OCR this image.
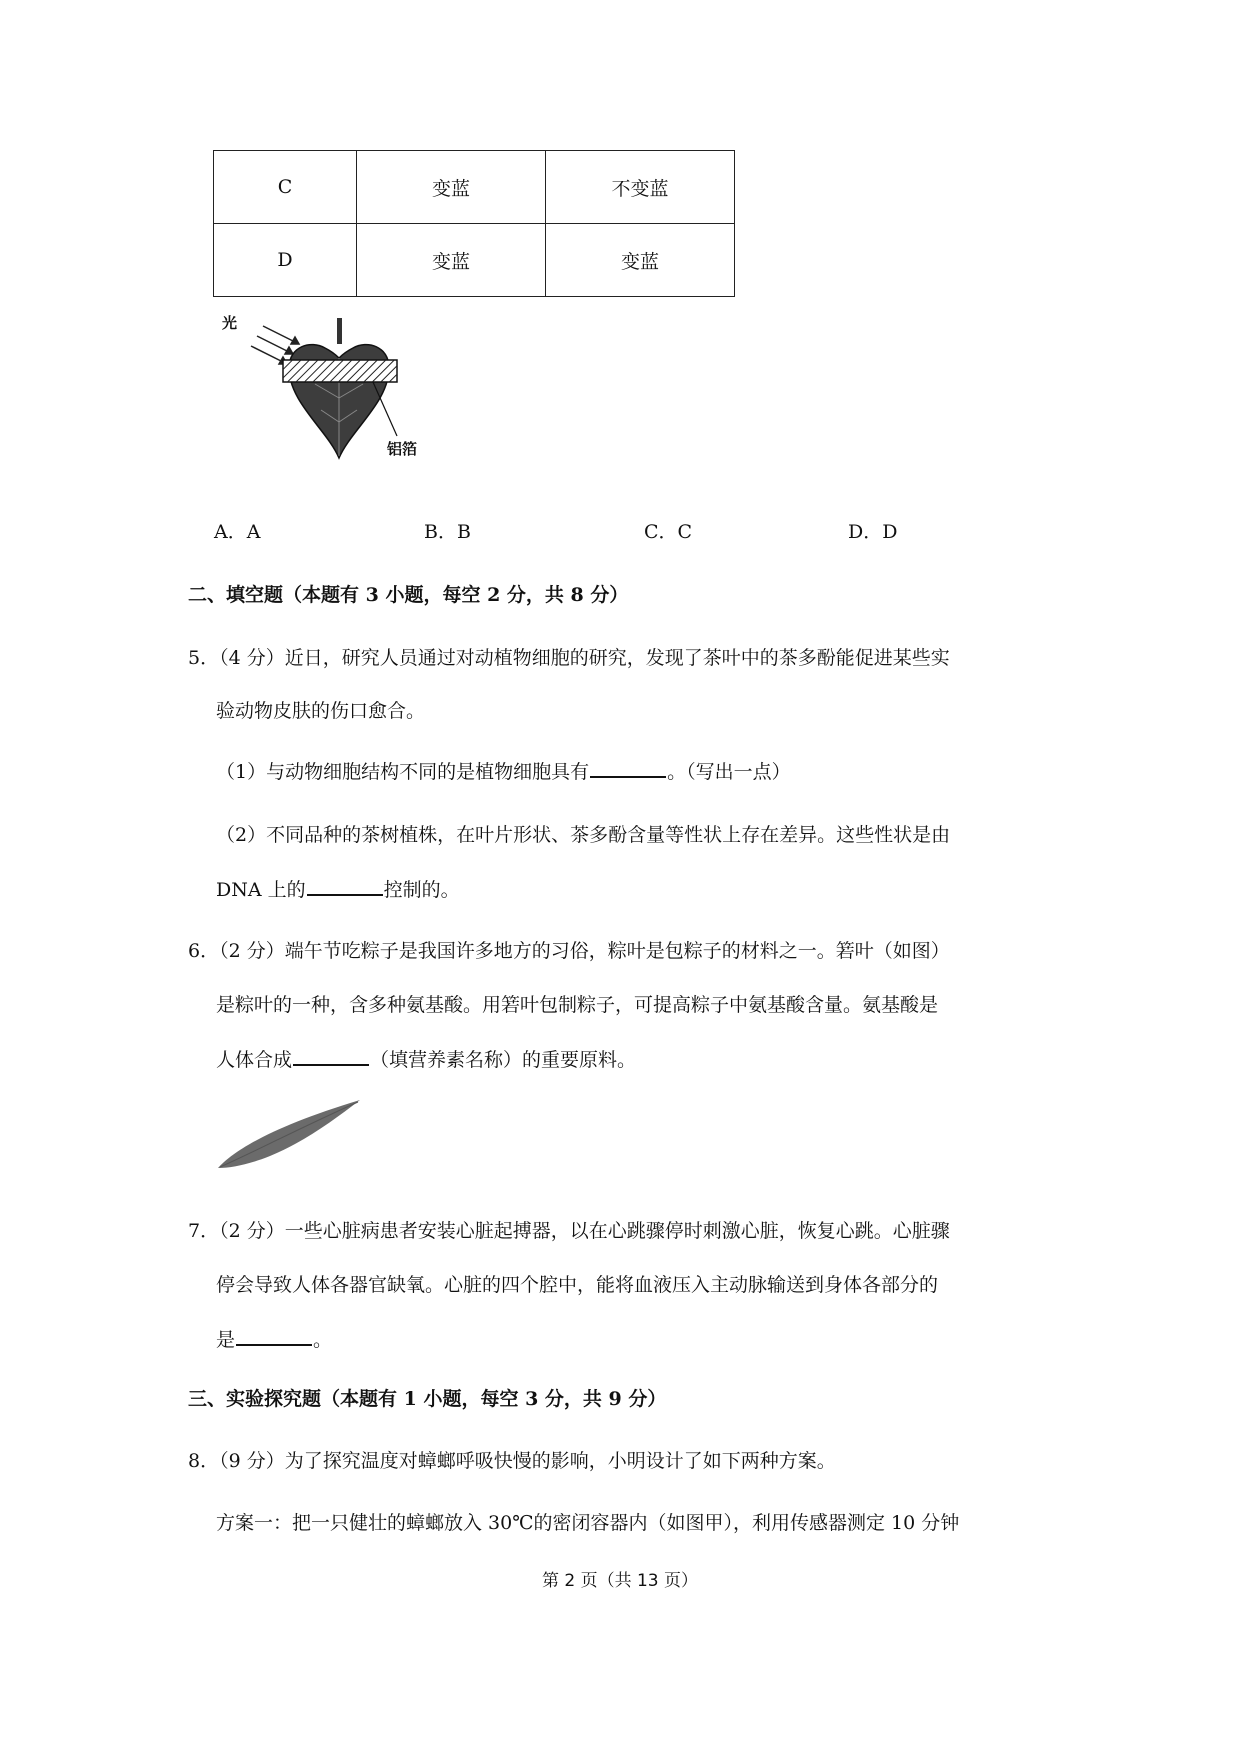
C	变蓝	不变蓝
D	变蓝	变蓝
光
铝箔
A．A	B．B	C．C	D．D
二、填空题（本题有 3 小题，每空 2 分，共 8 分）
5．（4 分）近日，研究人员通过对动植物细胞的研究，发现了茶叶中的茶多酚能促进某些实
验动物皮肤的伤口愈合。
（1）与动物细胞结构不同的是植物细胞具有	。（写出一点）
（2）不同品种的茶树植株，在叶片形状、茶多酚含量等性状上存在差异。这些性状是由
DNA 上的	控制的。
6．（2 分）端午节吃粽子是我国许多地方的习俗，粽叶是包粽子的材料之一。箬叶（如图）
是粽叶的一种，含多种氨基酸。用箬叶包制粽子，可提高粽子中氨基酸含量。氨基酸是
人体合成	（填营养素名称）的重要原料。
7．（2 分）一些心脏病患者安装心脏起搏器，以在心跳骤停时刺激心脏，恢复心跳。心脏骤
停会导致人体各器官缺氧。心脏的四个腔中，能将血液压入主动脉输送到身体各部分的
是	。
三、实验探究题（本题有 1 小题，每空 3 分，共 9 分）
8．（9 分）为了探究温度对蟑螂呼吸快慢的影响，小明设计了如下两种方案。
方案一：把一只健壮的蟑螂放入 30℃的密闭容器内（如图甲），利用传感器测定 10 分钟
第 2 页（共 13 页）
